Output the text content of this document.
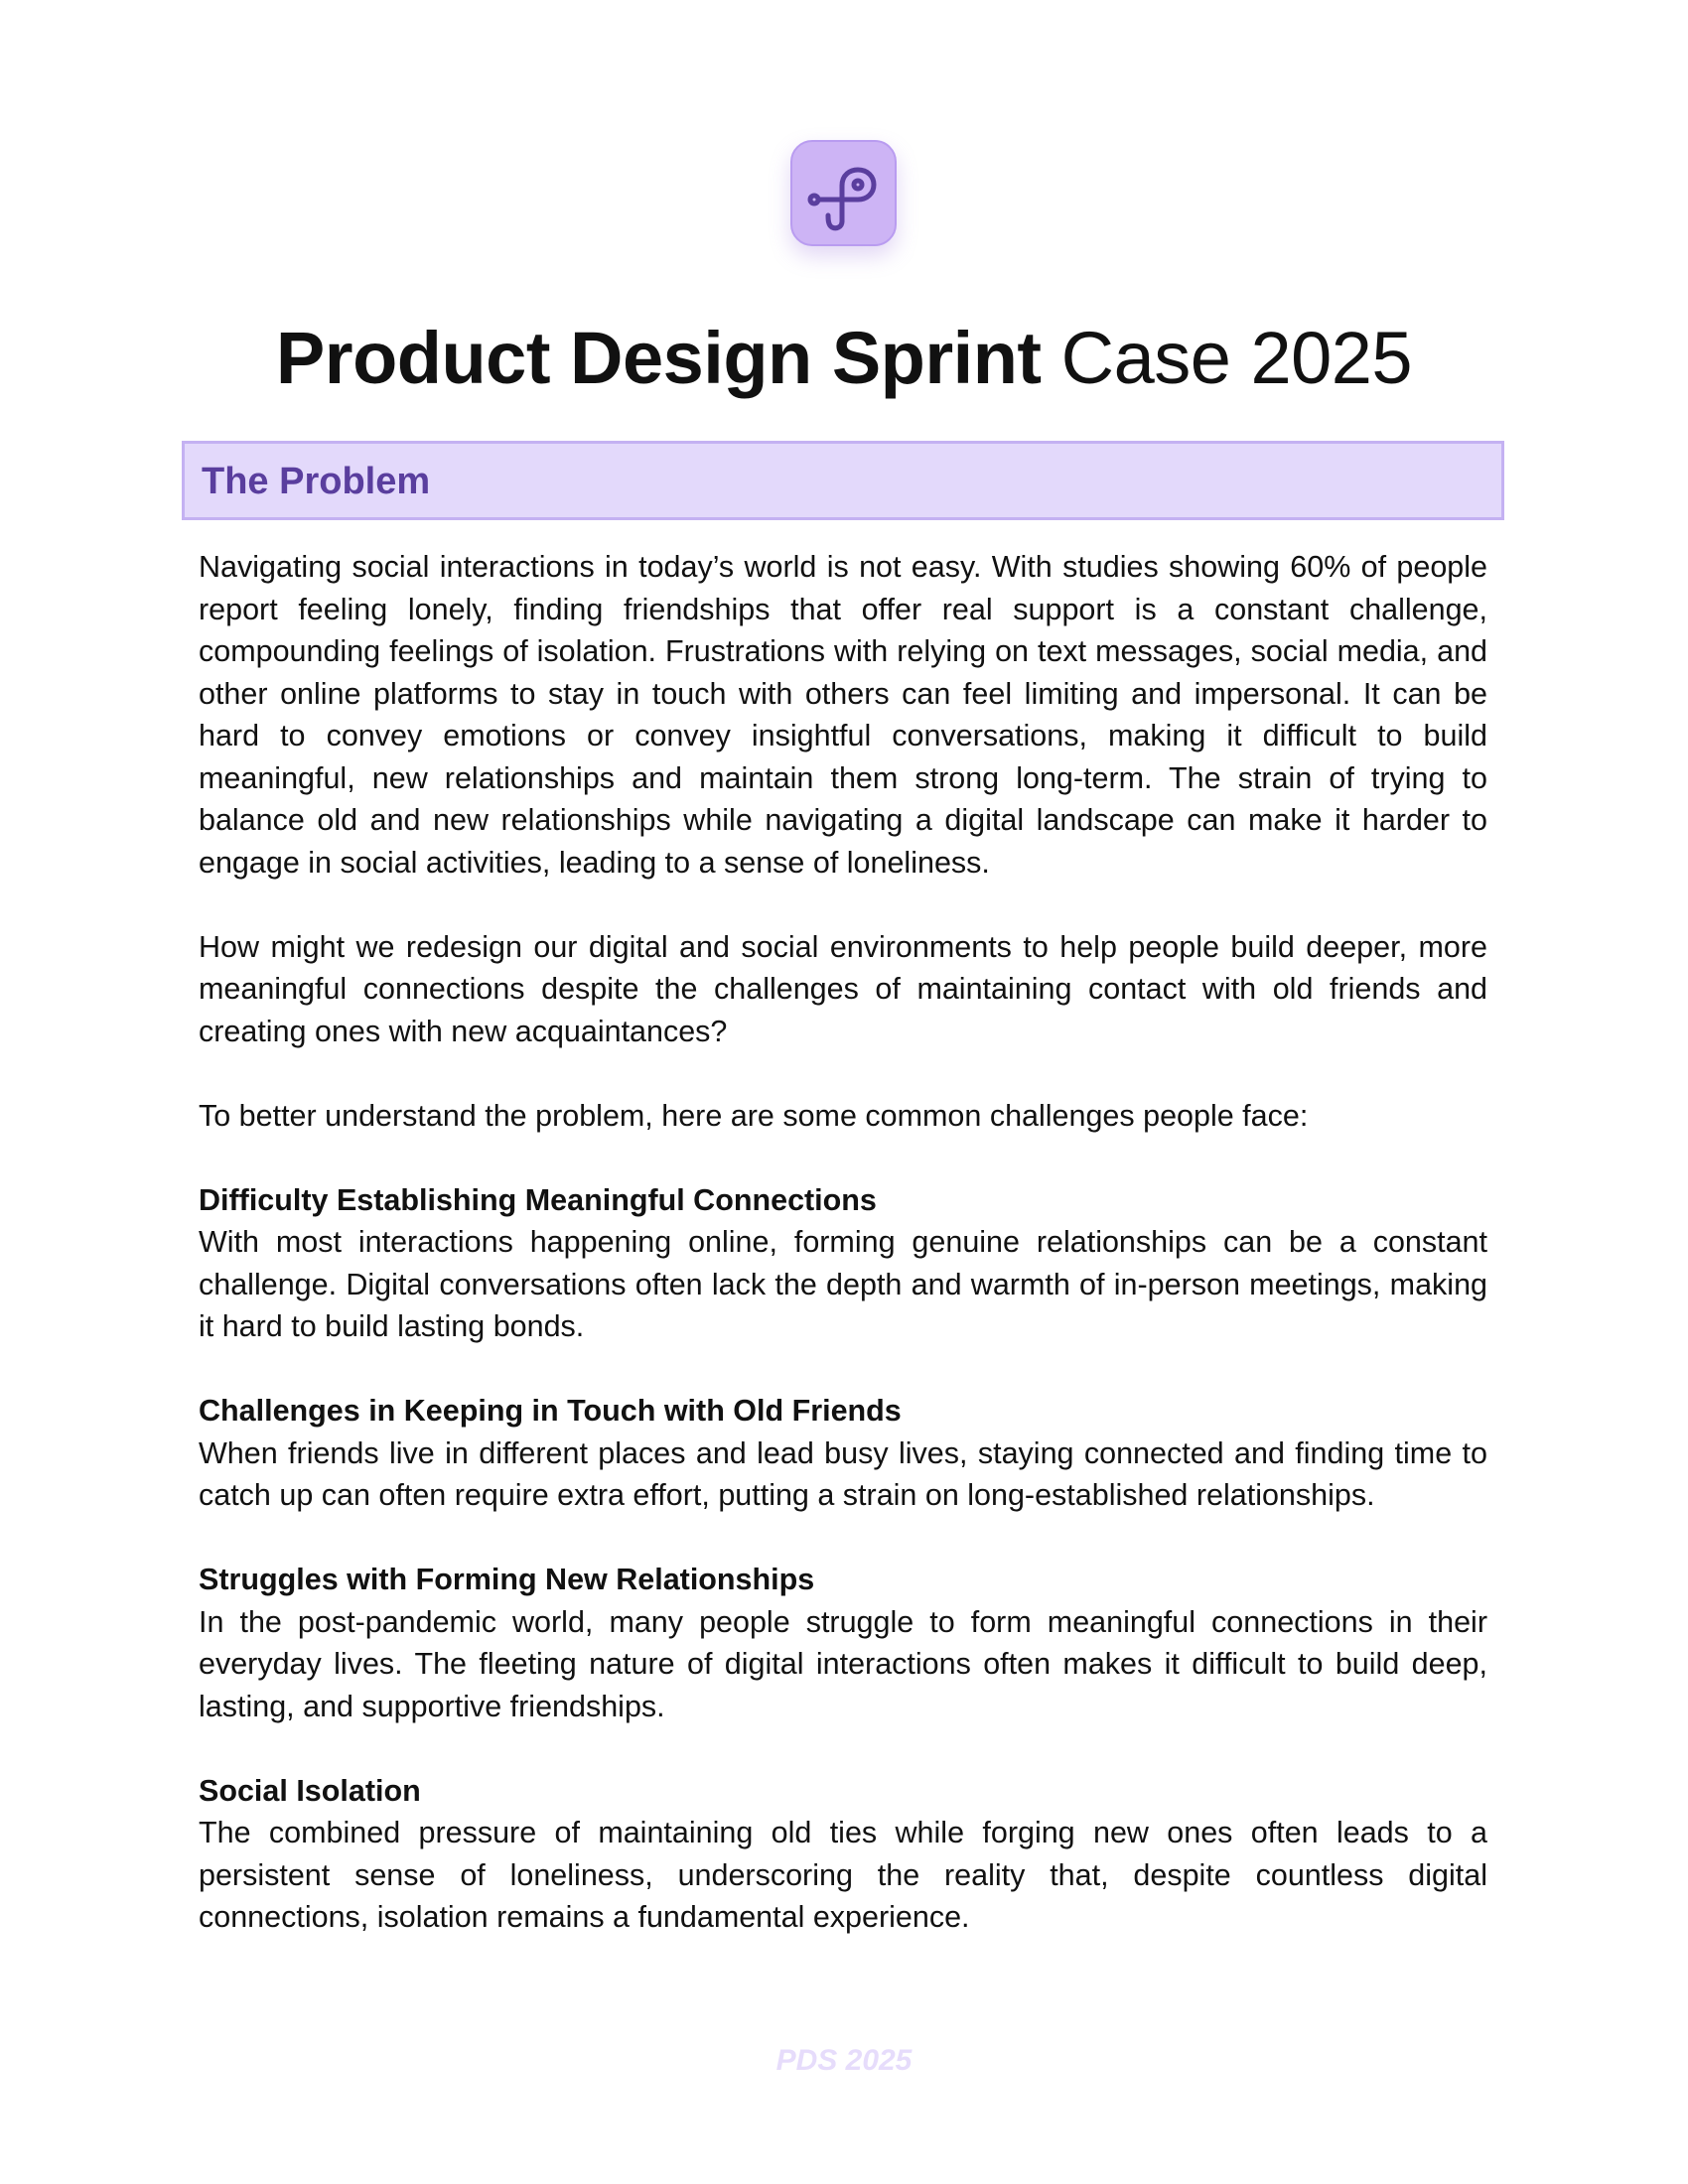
Product Design Sprint Case 2025
The Problem

Navigating social interactions in today’s world is not easy. With studies showing 60% of people report feeling lonely, finding friendships that offer real support is a constant challenge, compounding feelings of isolation. Frustrations with relying on text messages, social media, and other online platforms to stay in touch with others can feel limiting and impersonal. It can be hard to convey emotions or convey insightful conversations, making it difficult to build meaningful, new relationships and maintain them strong long-term. The strain of trying to balance old and new relationships while navigating a digital landscape can make it harder to engage in social activities, leading to a sense of loneliness.

How might we redesign our digital and social environments to help people build deeper, more meaningful connections despite the challenges of maintaining contact with old friends and creating ones with new acquaintances?

To better understand the problem, here are some common challenges people face:

Difficulty Establishing Meaningful Connections

With most interactions happening online, forming genuine relationships can be a constant challenge. Digital conversations often lack the depth and warmth of in-person meetings, making it hard to build lasting bonds.

Challenges in Keeping in Touch with Old Friends

When friends live in different places and lead busy lives, staying connected and finding time to catch up can often require extra effort, putting a strain on long-established relationships.

Struggles with Forming New Relationships

In the post-pandemic world, many people struggle to form meaningful connections in their everyday lives. The fleeting nature of digital interactions often makes it difficult to build deep, lasting, and supportive friendships.

Social Isolation

The combined pressure of maintaining old ties while forging new ones often leads to a persistent sense of loneliness, underscoring the reality that, despite countless digital connections, isolation remains a fundamental experience.

PDS 2025
